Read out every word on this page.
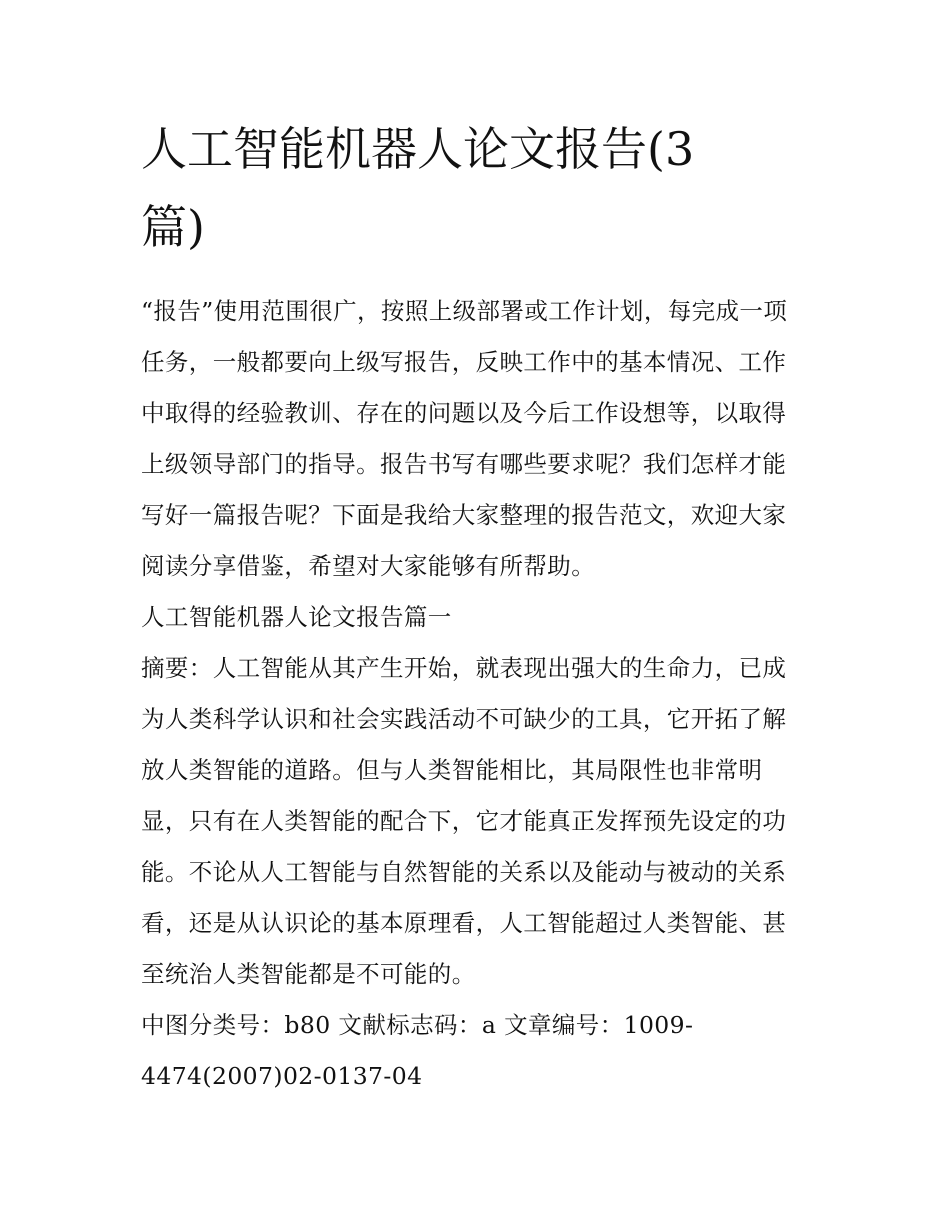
人工智能机器人论文报告(3
篇)
“报告”使用范围很广，按照上级部署或工作计划，每完成一项
任务，一般都要向上级写报告，反映工作中的基本情况、工作
中取得的经验教训、存在的问题以及今后工作设想等，以取得
上级领导部门的指导。报告书写有哪些要求呢？我们怎样才能
写好一篇报告呢？下面是我给大家整理的报告范文，欢迎大家
阅读分享借鉴，希望对大家能够有所帮助。
人工智能机器人论文报告篇一
摘要：人工智能从其产生开始，就表现出强大的生命力，已成
为人类科学认识和社会实践活动不可缺少的工具，它开拓了解
放人类智能的道路。但与人类智能相比，其局限性也非常明
显，只有在人类智能的配合下，它才能真正发挥预先设定的功
能。不论从人工智能与自然智能的关系以及能动与被动的关系
看，还是从认识论的基本原理看，人工智能超过人类智能、甚
至统治人类智能都是不可能的。
中图分类号：b80 文献标志码：a 文章编号：1009-
4474(2007)02-0137-04
